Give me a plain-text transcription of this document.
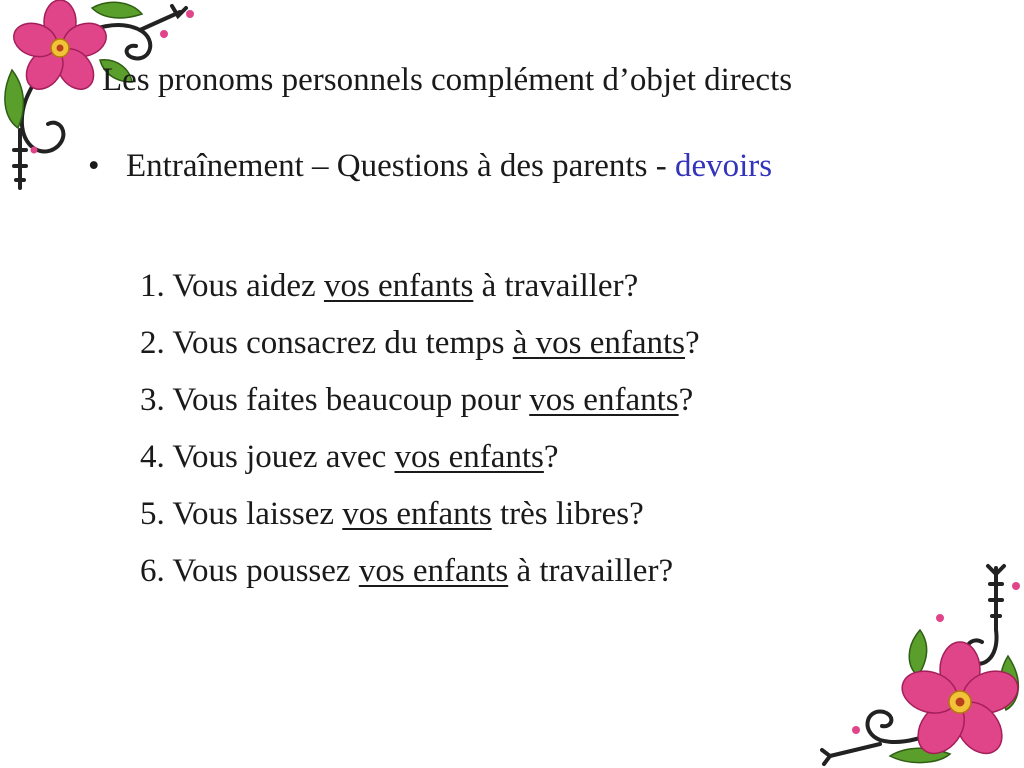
Les pronoms personnels complément d’objet directs
• Entraînement – Questions à des parents - devoirs
1. Vous aidez vos enfants à travailler?
2. Vous consacrez du temps à vos enfants?
3. Vous faites beaucoup pour vos enfants?
4. Vous jouez avec vos enfants?
5. Vous laissez vos enfants très libres?
6. Vous poussez vos enfants à travailler?
